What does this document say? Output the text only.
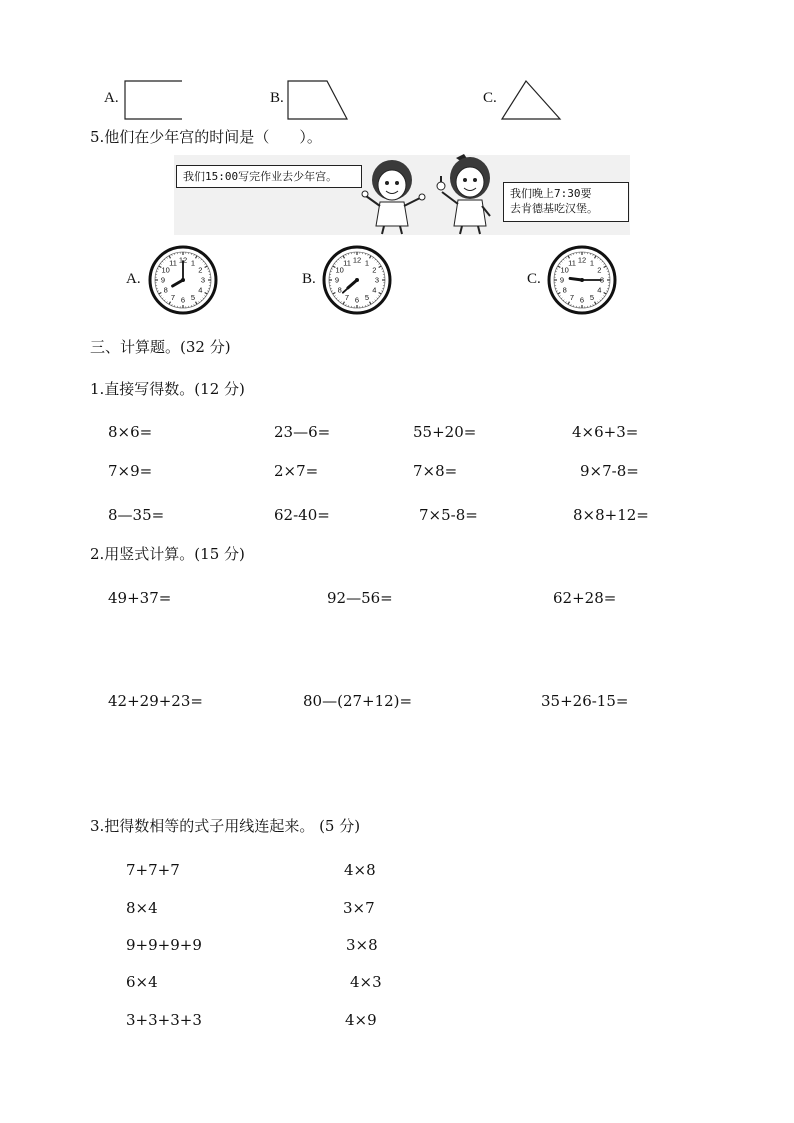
A.	B.	C.
5.他们在少年宫的时间是（　　）。
我们15:00写完作业去少年宫。
我们晚上7:30要
去肯德基吃汉堡。
A.
1
2
3
4
5
6
7
8
9
10
11 12
B.
1
2
3
4
5
6
7
8
9
10
11 12
C.
1
2
3
4
5
6
7
8
9
10
11 12
三、计算题。(32 分)
1.直接写得数。(12 分)
8×6=	23—6=	55+20=	4×6+3=
7×9=	2×7=	7×8=	9×7-8=
8—35=	62-40=	7×5-8=	8×8+12=
2.用竖式计算。(15 分)
49+37=	92—56=	62+28=
42+29+23=	80—(27+12)=	35+26-15=
3.把得数相等的式子用线连起来。 (5 分)
7+7+7
8×4
9+9+9+9
6×4
3+3+3+3
4×8
3×7
3×8
4×3
4×9
